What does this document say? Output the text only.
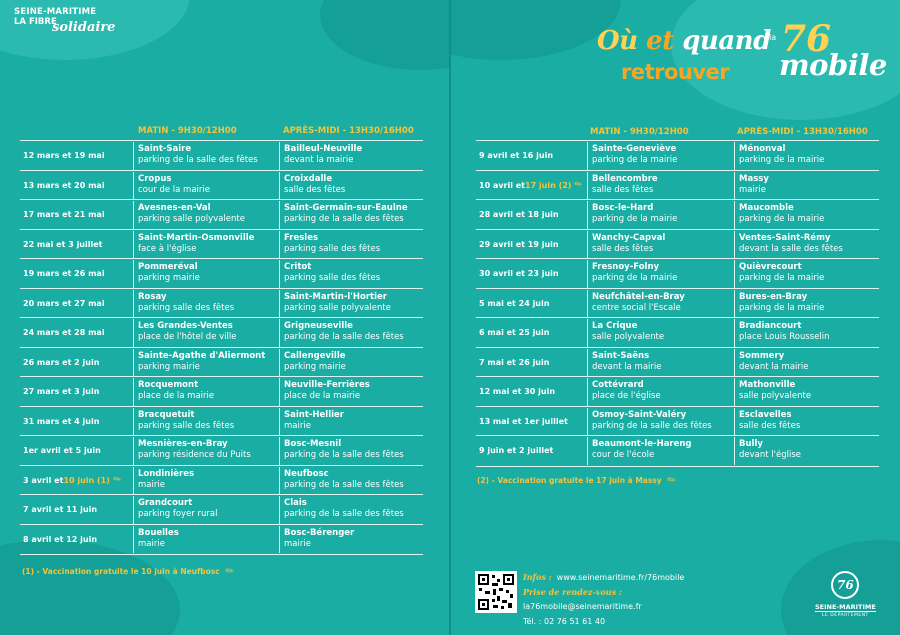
SEINE-MARITIME
LA FIBRE
solidaire
MATIN - 9H30/12H00	APRÈS-MIDI - 13H30/16H00
12 mars et 19 mai
Saint-Saire
parking de la salle des fêtes
Bailleul-Neuville
devant la mairie
13 mars et 20 mai
Cropus
cour de la mairie
Croixdalle
salle des fêtes
17 mars et 21 mai
Avesnes-en-Val
parking salle polyvalente
Saint-Germain-sur-Eaulne
parking de la salle des fêtes
22 mai et 3 juillet
Saint-Martin-Osmonville
face à l'église
Fresles
parking salle des fêtes
19 mars et 26 mai
Pommeréval
parking mairie
Critot
parking salle des fêtes
20 mars et 27 mai
Rosay
parking salle des fêtes
Saint-Martin-l'Hortier
parking salle polyvalente
24 mars et 28 mai
Les Grandes-Ventes
place de l'hôtel de ville
Grigneuseville
parking de la salle des fêtes
26 mars et 2 juin
Sainte-Agathe d'Aliermont
parking mairie
Callengeville
parking mairie
27 mars et 3 juin
Rocquemont
place de la mairie
Neuville-Ferrières
place de la mairie
31 mars et 4 juin
Bracquetuit
parking salle des fêtes
Saint-Hellier
mairie
1er avril et 5 juin
Mesnières-en-Bray
parking résidence du Puits
Bosc-Mesnil
parking de la salle des fêtes
3 avril et 10 juin (1) ✎
Londinières
mairie
Neufbosc
parking de la salle des fêtes
7 avril et 11 juin
Grandcourt
parking foyer rural
Clais
parking de la salle des fêtes
8 avril et 12 juin
Bouelles
mairie
Bosc-Bérenger
mairie
(1) - Vaccination gratuite le 10 juin à Neufbosc ✎
Où et quand
retrouver
la 76
mobile
MATIN - 9H30/12H00	APRÈS-MIDI - 13H30/16H00
9 avril et 16 juin
Sainte-Geneviève
parking de la mairie
Ménonval
parking de la mairie
10 avril et 17 juin (2) ✎
Bellencombre
salle des fêtes
Massy
mairie
28 avril et 18 juin
Bosc-le-Hard
parking de la mairie
Maucomble
parking de la mairie
29 avril et 19 juin
Wanchy-Capval
salle des fêtes
Ventes-Saint-Rémy
devant la salle des fêtes
30 avril et 23 juin
Fresnoy-Folny
parking de la mairie
Quièvrecourt
parking de la mairie
5 mai et 24 juin
Neufchâtel-en-Bray
centre social l'Escale
Bures-en-Bray
parking de la mairie
6 mai et 25 juin
La Crique
salle polyvalente
Bradiancourt
place Louis Rousselin
7 mai et 26 juin
Saint-Saëns
devant la mairie
Sommery
devant la mairie
12 mai et 30 juin
Cottévrard
place de l'église
Mathonville
salle polyvalente
13 mai et 1er juillet
Osmoy-Saint-Valéry
parking de la salle des fêtes
Esclavelles
salle des fêtes
9 juin et 2 juillet
Beaumont-le-Hareng
cour de l'école
Bully
devant l'église
(2) - Vaccination gratuite le 17 juin à Massy ✎
Infos : www.seinemaritime.fr/76mobile
Prise de rendez-vous :
la76mobile@seinemaritime.fr
Tél. : 02 76 51 61 40
76
SEINE-MARITIME
LE DÉPARTEMENT
